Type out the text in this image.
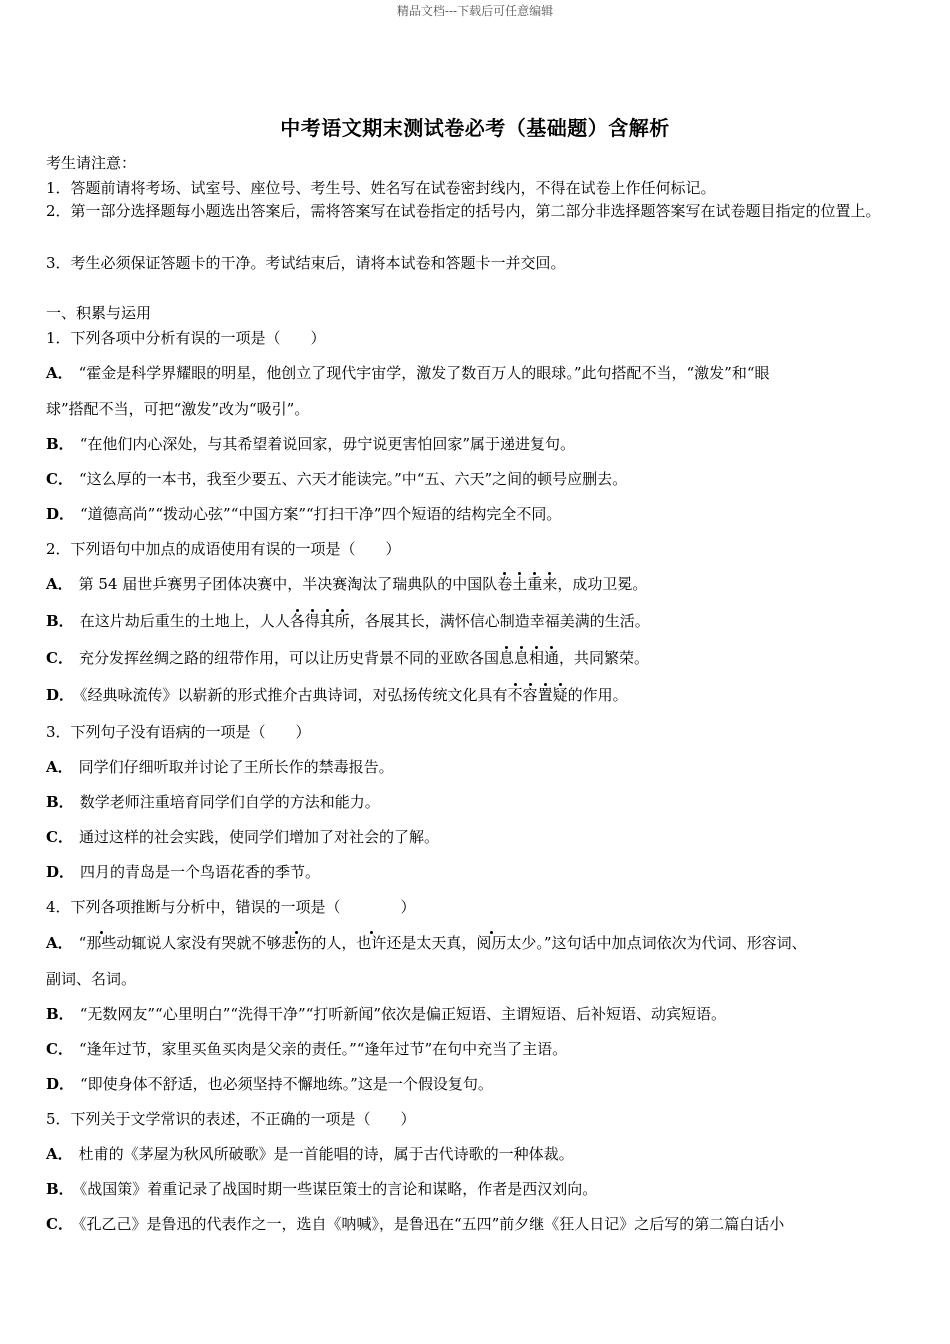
精品文档---下载后可任意编辑
中考语文期末测试卷必考（基础题）含解析
考生请注意：
1．答题前请将考场、试室号、座位号、考生号、姓名写在试卷密封线内，不得在试卷上作任何标记。
2．第一部分选择题每小题选出答案后，需将答案写在试卷指定的括号内，第二部分非选择题答案写在试卷题目指定的位置上。
3．考生必须保证答题卡的干净。考试结束后，请将本试卷和答题卡一并交回。
一、积累与运用
1．下列各项中分析有误的一项是（　　）
A． “霍金是科学界耀眼的明星，他创立了现代宇宙学，激发了数百万人的眼球。”此句搭配不当，“激发”和“眼
球”搭配不当，可把“激发”改为“吸引”。
B． “在他们内心深处，与其希望着说回家，毋宁说更害怕回家”属于递进复句。
C． “这么厚的一本书，我至少要五、六天才能读完。”中“五、六天”之间的顿号应删去。
D． “道德高尚”“拨动心弦”“中国方案”“打扫干净”四个短语的结构完全不同。
2．下列语句中加点的成语使用有误的一项是（　　）
A． 第 54 届世乒赛男子团体决赛中，半决赛淘汰了瑞典队的中国队卷土重来，成功卫冕。
B． 在这片劫后重生的土地上，人人各得其所，各展其长，满怀信心制造幸福美满的生活。
C． 充分发挥丝绸之路的纽带作用，可以让历史背景不同的亚欧各国息息相通，共同繁荣。
D． 《经典咏流传》以崭新的形式推介古典诗词，对弘扬传统文化具有不容置疑的作用。
3．下列句子没有语病的一项是（　　）
A． 同学们仔细听取并讨论了王所长作的禁毒报告。
B． 数学老师注重培育同学们自学的方法和能力。
C． 通过这样的社会实践，使同学们增加了对社会的了解。
D． 四月的青岛是一个鸟语花香的季节。
4．下列各项推断与分析中，错误的一项是（　　　　）
A． “那些动辄说人家没有哭就不够悲伤的人，也许还是太天真，阅历太少。”这句话中加点词依次为代词、形容词、
副词、名词。
B． “无数网友”“心里明白”“洗得干净”“打听新闻”依次是偏正短语、主谓短语、后补短语、动宾短语。
C． “逢年过节，家里买鱼买肉是父亲的责任。”“逢年过节”在句中充当了主语。
D． “即使身体不舒适，也必须坚持不懈地练。”这是一个假设复句。
5．下列关于文学常识的表述，不正确的一项是（　　）
A． 杜甫的《茅屋为秋风所破歌》是一首能唱的诗，属于古代诗歌的一种体裁。
B． 《战国策》着重记录了战国时期一些谋臣策士的言论和谋略，作者是西汉刘向。
C． 《孔乙己》是鲁迅的代表作之一，选自《呐喊》，是鲁迅在“五四”前夕继《狂人日记》之后写的第二篇白话小
